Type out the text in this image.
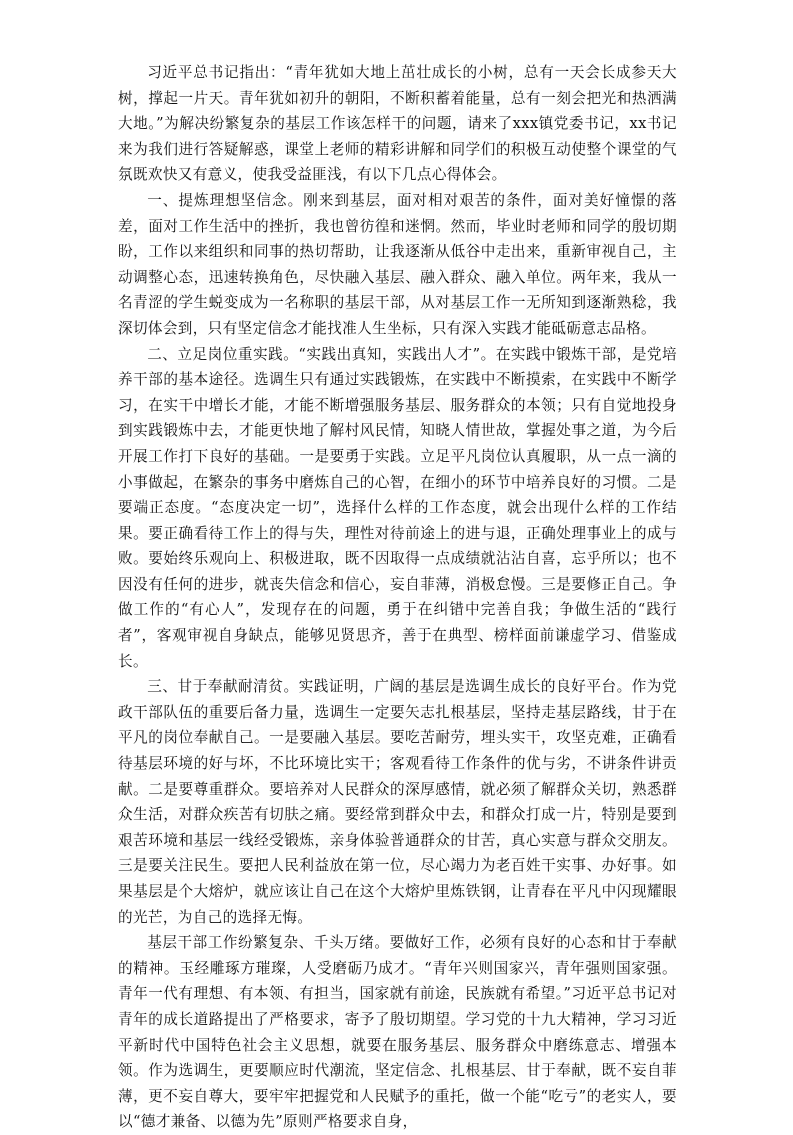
习近平总书记指出：“青年犹如大地上茁壮成长的小树，总有一天会长成参天大树，撑起一片天。青年犹如初升的朝阳，不断积蓄着能量，总有一刻会把光和热洒满大地。”为解决纷繁复杂的基层工作该怎样干的问题，请来了xxx镇党委书记，xx书记来为我们进行答疑解惑，课堂上老师的精彩讲解和同学们的积极互动使整个课堂的气氛既欢快又有意义，使我受益匪浅，有以下几点心得体会。

一、提炼理想坚信念。刚来到基层，面对相对艰苦的条件，面对美好憧憬的落差，面对工作生活中的挫折，我也曾彷徨和迷惘。然而，毕业时老师和同学的殷切期盼，工作以来组织和同事的热切帮助，让我逐渐从低谷中走出来，重新审视自己，主动调整心态，迅速转换角色，尽快融入基层、融入群众、融入单位。两年来，我从一名青涩的学生蜕变成为一名称职的基层干部，从对基层工作一无所知到逐渐熟稔，我深切体会到，只有坚定信念才能找准人生坐标，只有深入实践才能砥砺意志品格。

二、立足岗位重实践。“实践出真知，实践出人才”。在实践中锻炼干部，是党培养干部的基本途径。选调生只有通过实践锻炼，在实践中不断摸索，在实践中不断学习，在实干中增长才能，才能不断增强服务基层、服务群众的本领；只有自觉地投身到实践锻炼中去，才能更快地了解村风民情，知晓人情世故，掌握处事之道，为今后开展工作打下良好的基础。一是要勇于实践。立足平凡岗位认真履职，从一点一滴的小事做起，在繁杂的事务中磨炼自己的心智，在细小的环节中培养良好的习惯。二是要端正态度。“态度决定一切”，选择什么样的工作态度，就会出现什么样的工作结果。要正确看待工作上的得与失，理性对待前途上的进与退，正确处理事业上的成与败。要始终乐观向上、积极进取，既不因取得一点成绩就沾沾自喜，忘乎所以；也不因没有任何的进步，就丧失信念和信心，妄自菲薄，消极怠慢。三是要修正自己。争做工作的“有心人”，发现存在的问题，勇于在纠错中完善自我；争做生活的“践行者”，客观审视自身缺点，能够见贤思齐，善于在典型、榜样面前谦虚学习、借鉴成长。

三、甘于奉献耐清贫。实践证明，广阔的基层是选调生成长的良好平台。作为党政干部队伍的重要后备力量，选调生一定要矢志扎根基层，坚持走基层路线，甘于在平凡的岗位奉献自己。一是要融入基层。要吃苦耐劳，埋头实干，攻坚克难，正确看待基层环境的好与坏，不比环境比实干；客观看待工作条件的优与劣，不讲条件讲贡献。二是要尊重群众。要培养对人民群众的深厚感情，就必须了解群众关切，熟悉群众生活，对群众疾苦有切肤之痛。要经常到群众中去，和群众打成一片，特别是要到艰苦环境和基层一线经受锻炼，亲身体验普通群众的甘苦，真心实意与群众交朋友。三是要关注民生。要把人民利益放在第一位，尽心竭力为老百姓干实事、办好事。如果基层是个大熔炉，就应该让自己在这个大熔炉里炼铁钢，让青春在平凡中闪现耀眼的光芒，为自己的选择无悔。

基层干部工作纷繁复杂、千头万绪。要做好工作，必须有良好的心态和甘于奉献的精神。玉经雕琢方璀璨，人受磨砺乃成才。“青年兴则国家兴，青年强则国家强。青年一代有理想、有本领、有担当，国家就有前途，民族就有希望。”习近平总书记对青年的成长道路提出了严格要求，寄予了殷切期望。学习党的十九大精神，学习习近平新时代中国特色社会主义思想，就要在服务基层、服务群众中磨练意志、增强本领。作为选调生，更要顺应时代潮流，坚定信念、扎根基层、甘于奉献，既不妄自菲薄，更不妄自尊大，要牢牢把握党和人民赋予的重托，做一个能“吃亏”的老实人，要以“德才兼备、以德为先”原则严格要求自身，
